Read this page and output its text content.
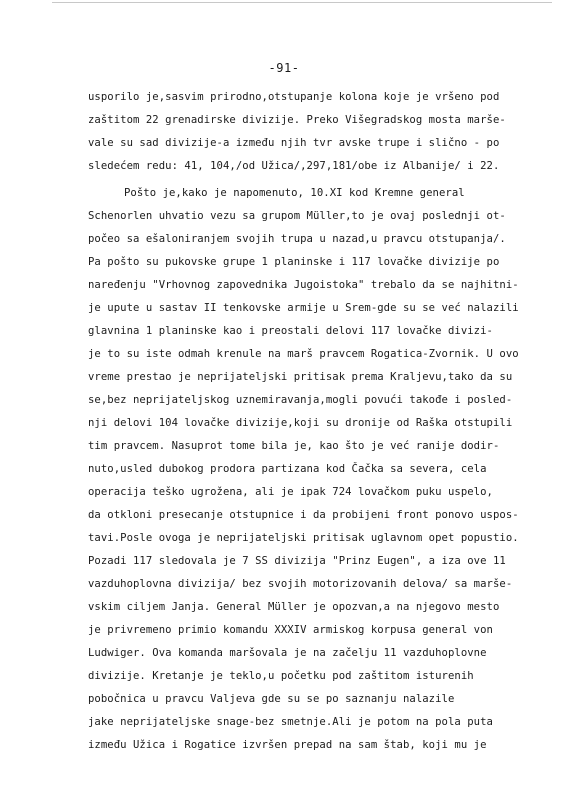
-91-
usporilo je,sasvim prirodno,otstupanje kolona koje je vršeno pod
zaštitom 22 grenadirske divizije. Preko Višegradskog mosta marše-
vale su sad divizije-a između njih tvr avske trupe i slično - po
sledećem redu: 41, 104,/od Užica/,297,181/obe iz Albanije/ i 22.
Pošto je,kako je napomenuto, 10.XI kod Kremne general
Schenorlen uhvatio vezu sa grupom Müller,to je ovaj poslednji ot-
počeo sa ešaloniranjem svojih trupa u nazad,u pravcu otstupanja/.
Pa pošto su pukovske grupe 1 planinske i 117 lovačke divizije po
naređenju "Vrhovnog zapovednika Jugoistoka" trebalo da se najhitni-
je upute u sastav II tenkovske armije u Srem-gde su se već nalazili
glavnina 1 planinske kao i preostali delovi 117 lovačke divizi-
je to su iste odmah krenule na marš pravcem Rogatica-Zvornik. U ovo
vreme prestao je neprijateljski pritisak prema Kraljevu,tako da su
se,bez neprijateljskog uznemiravanja,mogli povući takođe i posled-
nji delovi 104 lovačke divizije,koji su dronije od Raška otstupili
tim pravcem. Nasuprot tome bila je, kao što je već ranije dodir-
nuto,usled dubokog prodora partizana kod Čačka sa severa, cela
operacija teško ugrožena, ali je ipak 724 lovačkom puku uspelo,
da otkloni presecanje otstupnice i da probijeni front ponovo uspos-
tavi.Posle ovoga je neprijateljski pritisak uglavnom opet popustio.
Pozadi 117 sledovala je 7 SS divizija "Prinz Eugen", a iza ove 11
vazduhoplovna divizija/ bez svojih motorizovanih delova/ sa marše-
vskim ciljem Janja. General Müller je opozvan,a na njegovo mesto
je privremeno primio komandu XXXIV armiskog korpusa general von
Ludwiger. Ova komanda maršovala je na začelju 11 vazduhoplovne
divizije. Kretanje je teklo,u početku pod zaštitom isturenih
pobočnica u pravcu Valjeva gde su se po saznanju nalazile
jake neprijateljske snage-bez smetnje.Ali je potom na pola puta
između Užica i Rogatice izvršen prepad na sam štab, koji mu je
